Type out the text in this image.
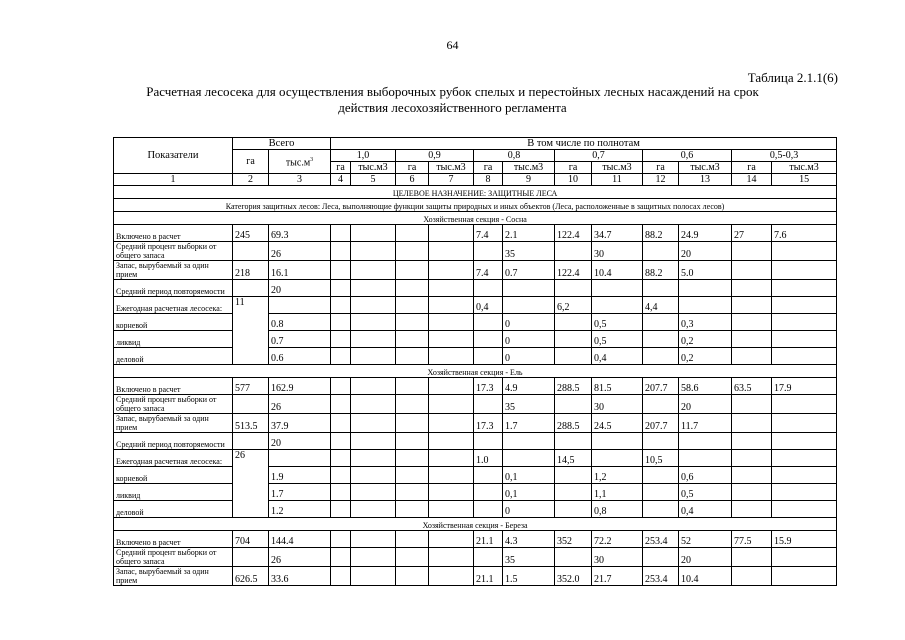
64
Таблица 2.1.1(6)
Расчетная лесосека для осуществления выборочных рубок спелых и перестойных лесных насаждений на срок
действия лесохозяйственного регламента
Показатели	Всего		В том числе по полнотам											
	га	$тыс.м^3$	1,0		0,9		0,8		0,7		0,6		0,5-0,3	
			га	тыс.м3	га	тыс.м3	га	тыс.м3	га	тыс.м3	га	тыс.м3	га	тыс.м3
1	2	3	4	5	6	7	8	9	10	11	12	13	14	15
ЦЕЛЕВОЕ НАЗНАЧЕНИЕ: ЗАЩИТНЫЕ ЛЕСА														
Категория защитных лесов: Леса, выполняющие функции защиты природных и иных объектов (Леса, расположенные в защитных полосах лесов)														
Хозяйственная секция - Сосна														
Включено в расчет	245	69.3					7.4	2.1	122.4	34.7	88.2	24.9	27	7.6
Средний процент выборки от общего запаса		26						35		30		20		
Запас, вырубаемый за один прием	218	16.1					7.4	0.7	122.4	10.4	88.2	5.0		
Средний период повторяемости		20												
Ежегодная расчетная лесосека:	11						0,4		6,2		4,4			
корневой		0.8						0		0,5		0,3		
ликвид		0.7						0		0,5		0,2		
деловой		0.6						0		0,4		0,2		
Хозяйственная секция - Ель														
Включено в расчет	577	162.9					17.3	4.9	288.5	81.5	207.7	58.6	63.5	17.9
Средний процент выборки от общего запаса		26						35		30		20		
Запас, вырубаемый за один прием	513.5	37.9					17.3	1.7	288.5	24.5	207.7	11.7		
Средний период повторяемости		20												
Ежегодная расчетная лесосека:	26						1.0		14,5		10,5			
корневой		1.9						0,1		1,2		0,6		
ликвид		1.7						0,1		1,1		0,5		
деловой		1.2						0		0,8		0,4		
Хозяйственная секция - Береза														
Включено в расчет	704	144.4					21.1	4.3	352	72.2	253.4	52	77.5	15.9
Средний процент выборки от общего запаса		26						35		30		20		
Запас, вырубаемый за один прием	626.5	33.6					21.1	1.5	352.0	21.7	253.4	10.4		
